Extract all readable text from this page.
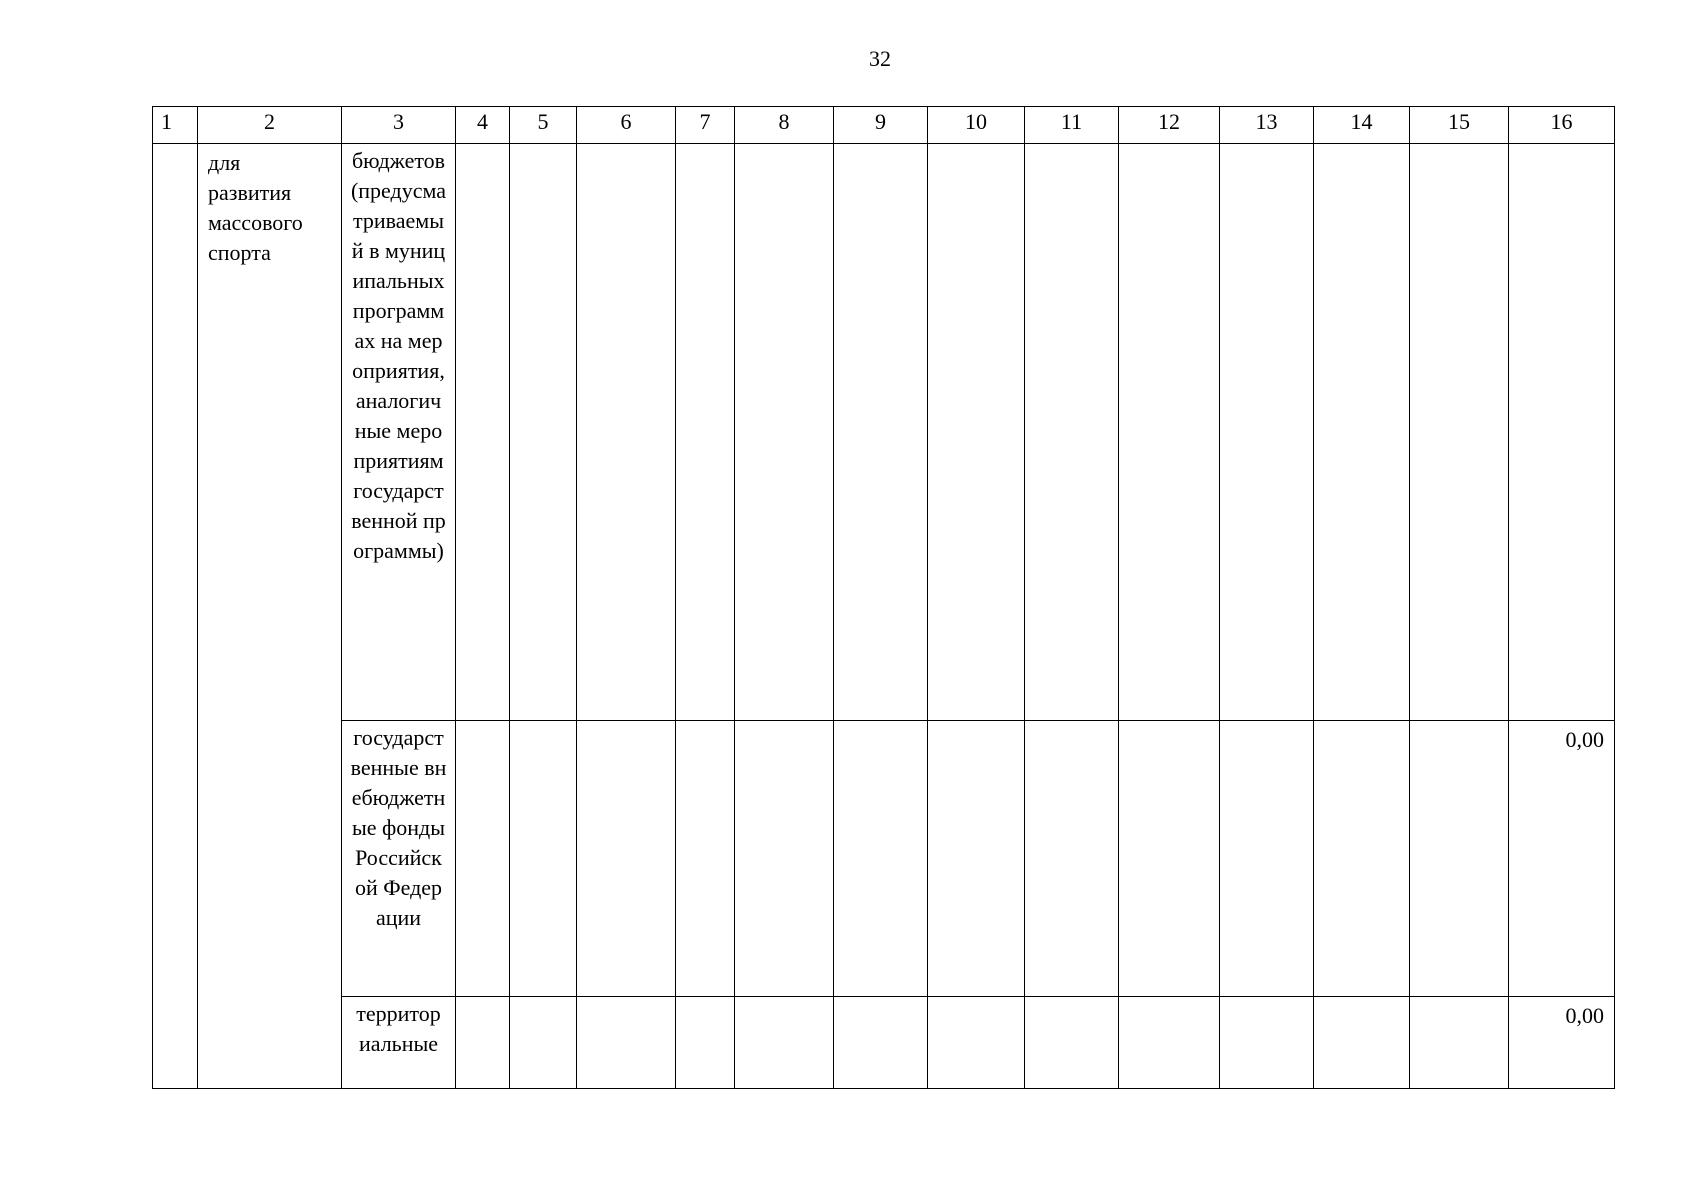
32
1	2	3	4	5	6	7	8	9	10	11	12	13	14	15	16

	для развития массового спорта	бюджетов (предусматриваемый в муниципальных программах на мероприятия, аналогичные мероприятиям государственной программы)													

		государственные внебюджетные фонды Российской Федерации													0,00

		территориальные													0,00
